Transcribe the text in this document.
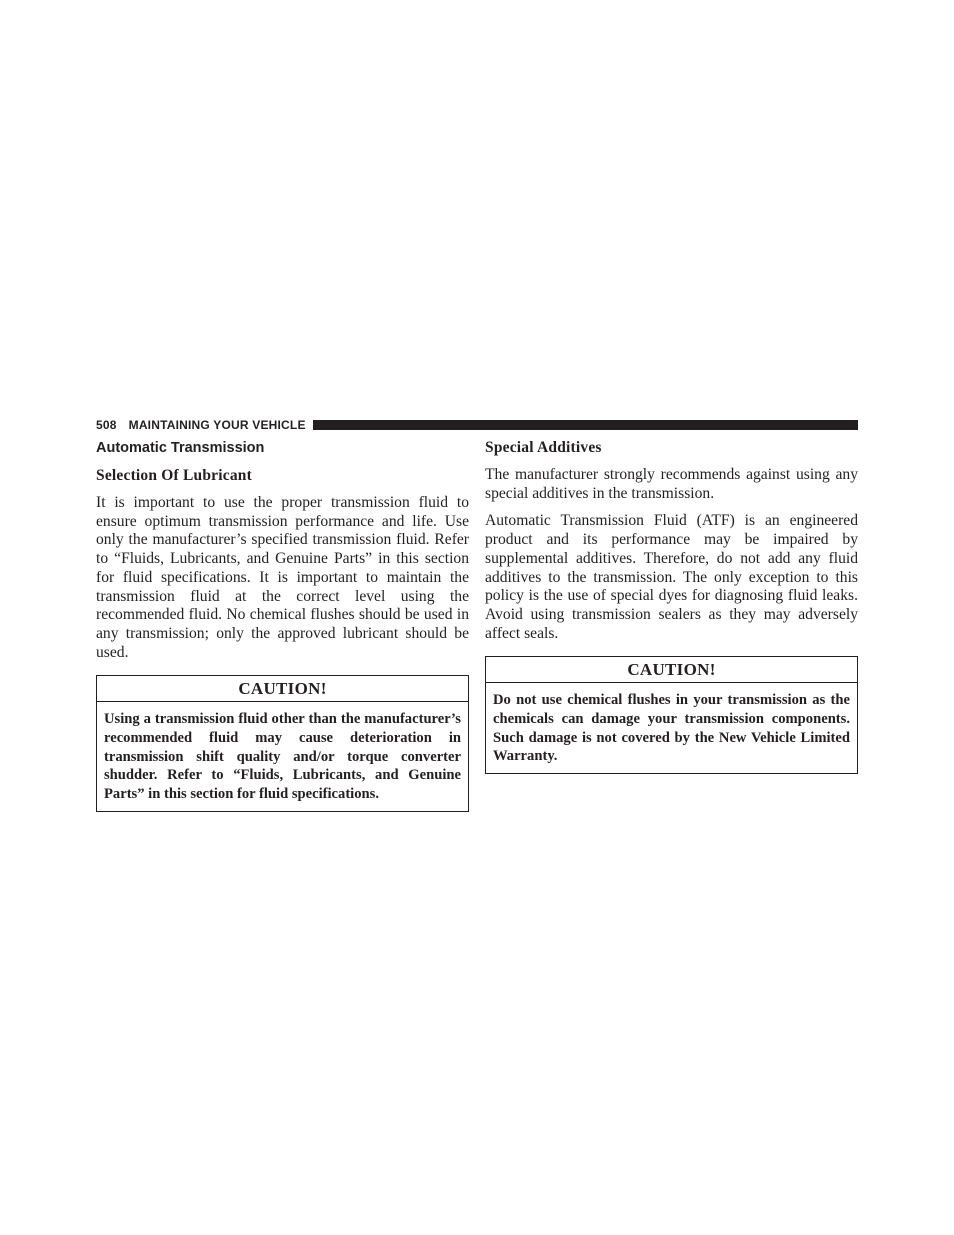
508 MAINTAINING YOUR VEHICLE
Automatic Transmission
Selection Of Lubricant

It is important to use the proper transmission fluid to ensure optimum transmission performance and life. Use only the manufacturer’s specified transmission fluid. Refer to “Fluids, Lubricants, and Genuine Parts” in this section for fluid specifications. It is important to maintain the transmission fluid at the correct level using the recommended fluid. No chemical flushes should be used in any transmission; only the approved lubricant should be used.

CAUTION!
Using a transmission fluid other than the manufacturer’s recommended fluid may cause deterioration in transmission shift quality and/or torque converter shudder. Refer to “Fluids, Lubricants, and Genuine Parts” in this section for fluid specifications.
Special Additives

The manufacturer strongly recommends against using any special additives in the transmission.

Automatic Transmission Fluid (ATF) is an engineered product and its performance may be impaired by supplemental additives. Therefore, do not add any fluid additives to the transmission. The only exception to this policy is the use of special dyes for diagnosing fluid leaks. Avoid using transmission sealers as they may adversely affect seals.

CAUTION!
Do not use chemical flushes in your transmission as the chemicals can damage your transmission components. Such damage is not covered by the New Vehicle Limited Warranty.
